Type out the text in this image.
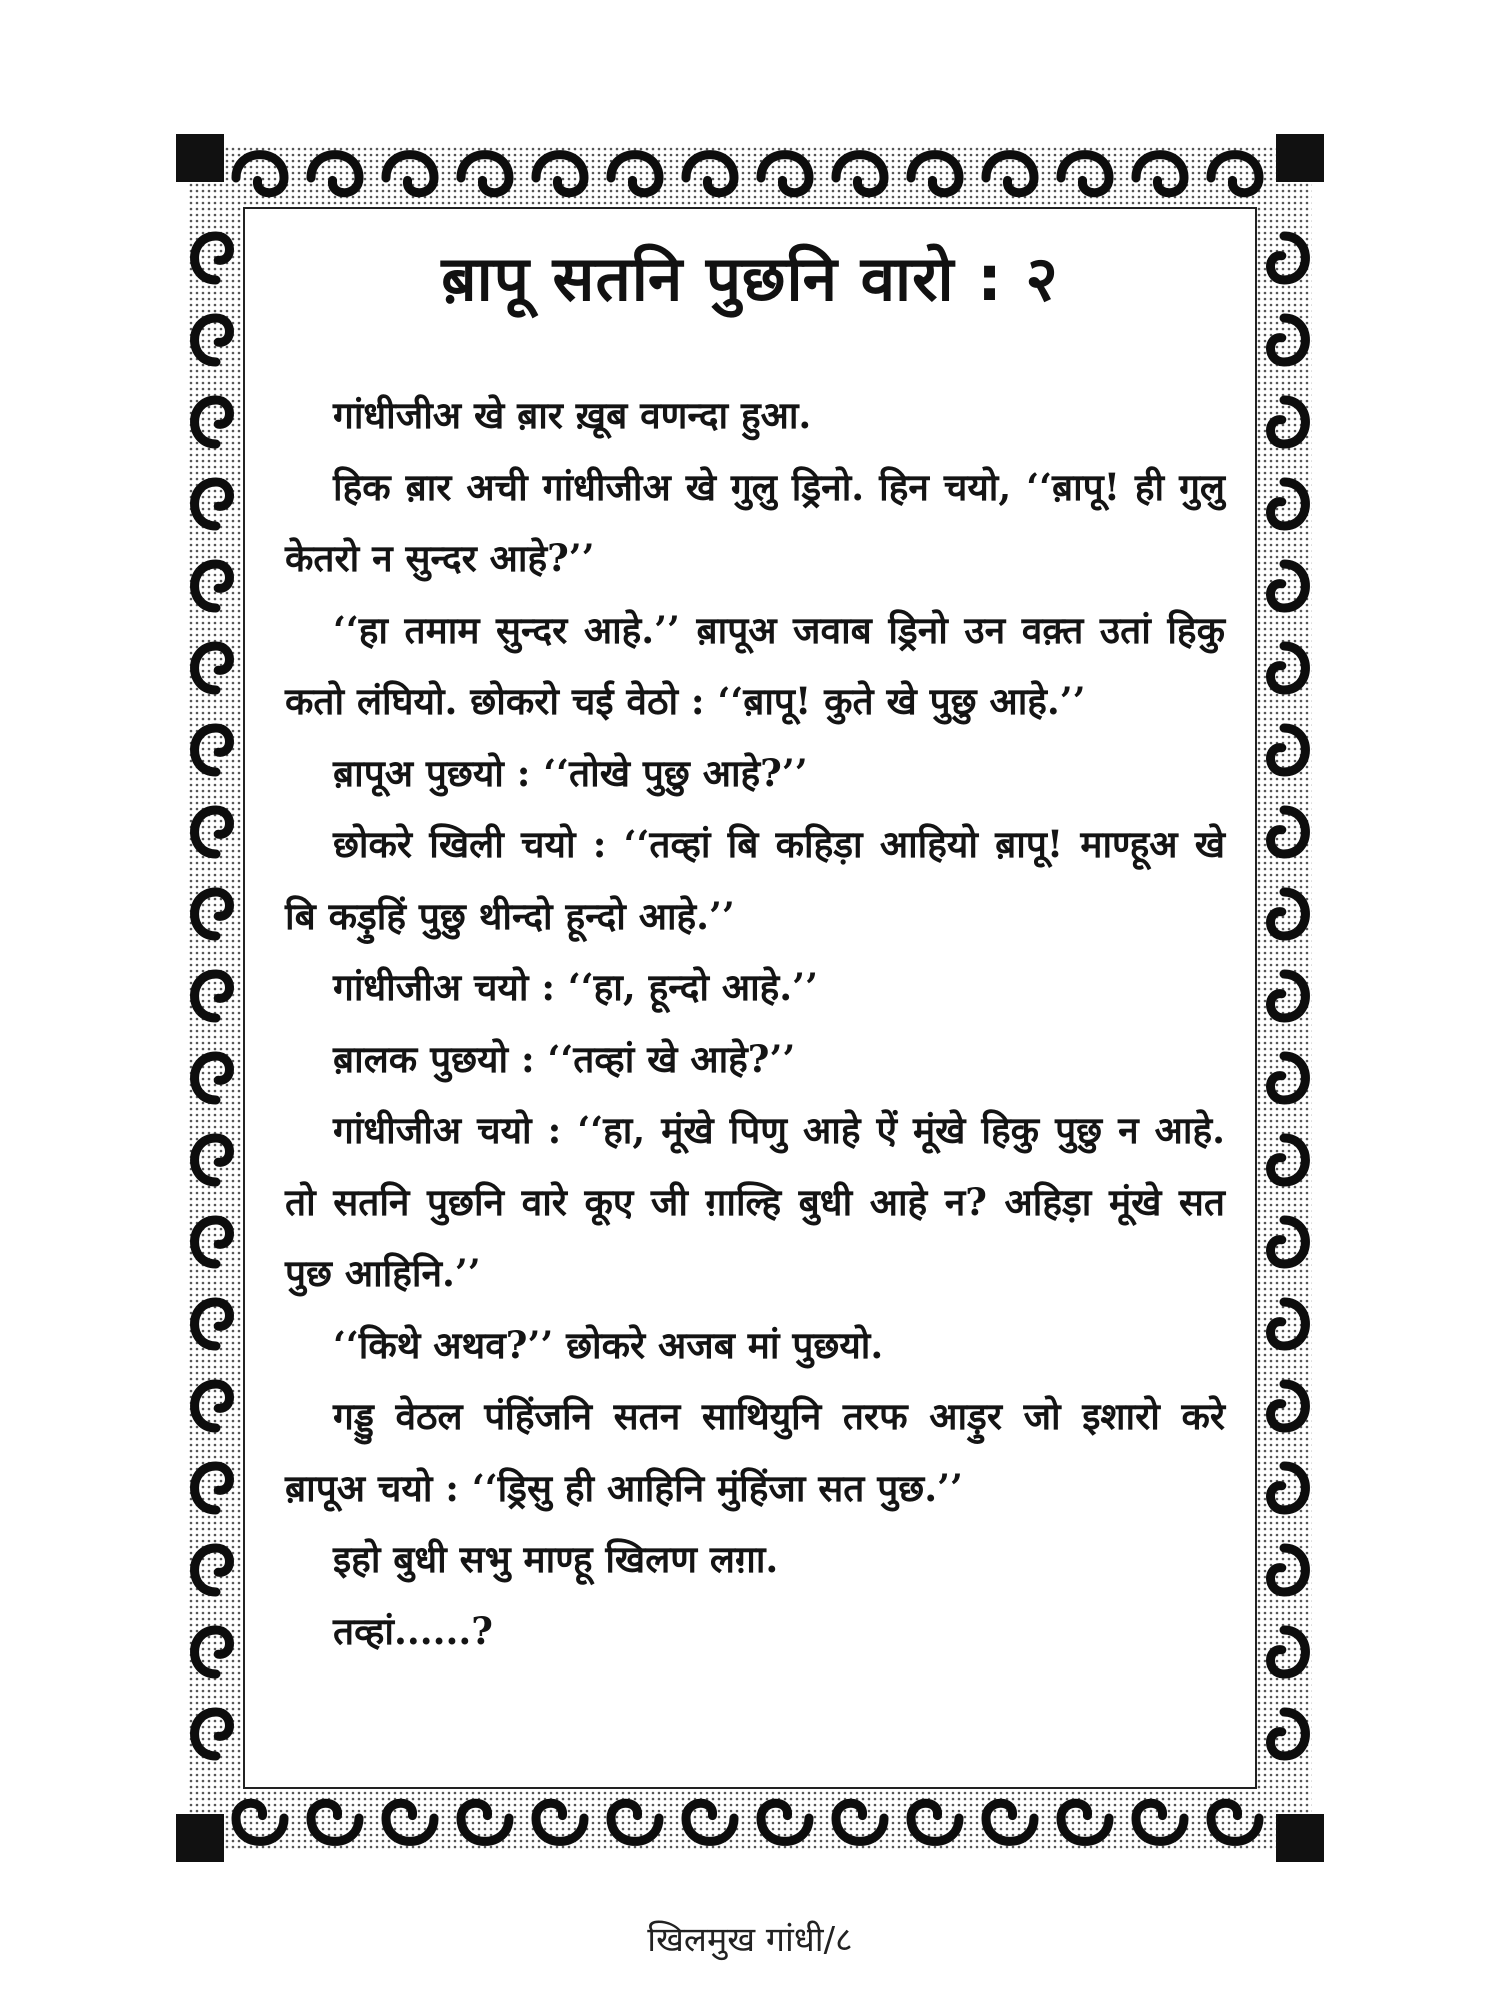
ब़ापू सतनि पुछनि वारो : २

गांधीजीअ खे ब़ार ख़ूब वणन्दा हुआ.

हिक ब़ार अची गांधीजीअ खे गुलु ड्रिनो. हिन चयो, ‘‘ब़ापू! ही गुलु केतरो न सुन्दर आहे?’’

‘‘हा तमाम सुन्दर आहे.’’ ब़ापूअ जवाब ड्रिनो उन वक़्त उतां हिकु कतो लंघियो. छोकरो चई वेठो : ‘‘ब़ापू! कुते खे पुछु आहे.’’

ब़ापूअ पुछयो : ‘‘तोखे पुछु आहे?’’

छोकरे खिली चयो : ‘‘तव्हां बि कहिड़ा आहियो ब़ापू! माण्हूअ खे बि कड़ुहिं पुछु थीन्दो हून्दो आहे.’’

गांधीजीअ चयो : ‘‘हा, हून्दो आहे.’’

ब़ालक पुछयो : ‘‘तव्हां खे आहे?’’

गांधीजीअ चयो : ‘‘हा, मूंखे पिणु आहे ऐं मूंखे हिकु पुछु न आहे. तो सतनि पुछनि वारे कूए जी ग़ाल्हि बुधी आहे न? अहिड़ा मूंखे सत पुछ आहिनि.’’

‘‘किथे अथव?’’ छोकरे अजब मां पुछयो.

गड्डु वेठल पंहिंजनि सतन साथियुनि तरफ आड़ुर जो इशारो करे ब़ापूअ चयो : ‘‘ड्रिसु ही आहिनि मुंहिंजा सत पुछ.’’

इहो बुधी सभु माण्हू खिलण लग़ा.

तव्हां......?

खिलमुख गांधी/८
